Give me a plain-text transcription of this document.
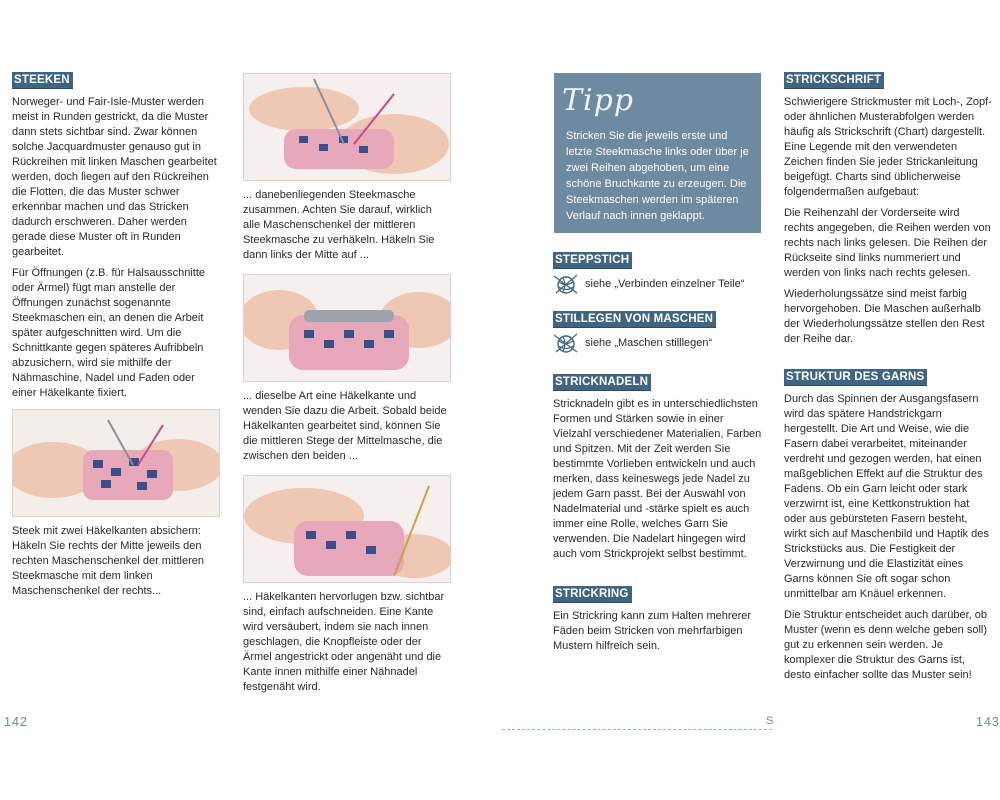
STEEKEN

Norweger- und Fair-Isle-Muster werden meist in Runden gestrickt, da die Muster dann stets sichtbar sind. Zwar können solche Jacquardmuster genauso gut in Rückreihen mit linken Maschen gearbeitet werden, doch liegen auf den Rückreihen die Flotten, die das Muster schwer erkennbar machen und das Stricken dadurch erschweren. Daher werden gerade diese Muster oft in Runden gearbeitet.

Für Öffnungen (z.B. für Halsausschnitte oder Ärmel) fügt man anstelle der Öffnungen zunächst sogenannte Steekmaschen ein, an denen die Arbeit später aufgeschnitten wird. Um die Schnittkante gegen späteres Aufribbeln abzusichern, wird sie mithilfe der Nähmaschine, Nadel und Faden oder einer Häkelkante fixiert.

Steek mit zwei Häkelkanten absichern: Häkeln Sie rechts der Mitte jeweils den rechten Maschenschenkel der mittleren Steekmasche mit dem linken Maschenschenkel der rechts...
... danebenliegenden Steekmasche zusammen. Achten Sie darauf, wirklich alle Maschenschenkel der mittleren Steekmasche zu verhäkeln. Häkeln Sie dann links der Mitte auf ...
... dieselbe Art eine Häkelkante und wenden Sie dazu die Arbeit. Sobald beide Häkelkanten gearbeitet sind, können Sie die mittleren Stege der Mittelmasche, die zwischen den beiden ...
... Häkelkanten hervorlugen bzw. sichtbar sind, einfach aufschneiden. Eine Kante wird versäubert, indem sie nach innen geschlagen, die Knopfleiste oder der Ärmel angestrickt oder angenäht und die Kante innen mithilfe einer Nähnadel festgenäht wird.
142
Tipp
Stricken Sie die jeweils erste und letzte Steekmasche links oder über je zwei Reihen abgehoben, um eine schöne Bruchkante zu erzeugen. Die Steekmaschen werden im späteren Verlauf nach innen geklappt.
STEPPSTICH
siehe „Verbinden einzelner Teile“
STILLEGEN VON MASCHEN
siehe „Maschen stilllegen“
STRICKNADELN

Stricknadeln gibt es in unterschiedlichsten Formen und Stärken sowie in einer Vielzahl verschiedener Materialien, Farben und Spitzen. Mit der Zeit werden Sie bestimmte Vorlieben entwickeln und auch merken, dass keineswegs jede Nadel zu jedem Garn passt. Bei der Auswahl von Nadelmaterial und -stärke spielt es auch immer eine Rolle, welches Garn Sie verwenden. Die Nadelart hingegen wird auch vom Strickprojekt selbst bestimmt.

STRICKRING

Ein Strickring kann zum Halten mehrerer Fäden beim Stricken von mehrfarbigen Mustern hilfreich sein.

STRICKSCHRIFT

Schwierigere Strickmuster mit Loch-, Zopf- oder ähnlichen Musterabfolgen werden häufig als Strickschrift (Chart) dargestellt. Eine Legende mit den verwendeten Zeichen finden Sie jeder Strickanleitung beigefügt. Charts sind üblicherweise folgendermaßen aufgebaut:

Die Reihenzahl der Vorderseite wird rechts angegeben, die Reihen werden von rechts nach links gelesen. Die Reihen der Rückseite sind links nummeriert und werden von links nach rechts gelesen.

Wiederholungssätze sind meist farbig hervorgehoben. Die Maschen außerhalb der Wiederholungssätze stellen den Rest der Reihe dar.

STRUKTUR DES GARNS

Durch das Spinnen der Ausgangsfasern wird das spätere Handstrickgarn hergestellt. Die Art und Weise, wie die Fasern dabei verarbeitet, miteinander verdreht und gezogen werden, hat einen maßgeblichen Effekt auf die Struktur des Fadens. Ob ein Garn leicht oder stark verzwirnt ist, eine Kettkonstruktion hat oder aus gebürsteten Fasern besteht, wirkt sich auf Maschenbild und Haptik des Strickstücks aus. Die Festigkeit der Verzwirnung und die Elastizität eines Garns können Sie oft sogar schon unmittelbar am Knäuel erkennen.

Die Struktur entscheidet auch darüber, ob Muster (wenn es denn welche geben soll) gut zu erkennen sein werden. Je komplexer die Struktur des Garns ist, desto einfacher sollte das Muster sein!

S	143
